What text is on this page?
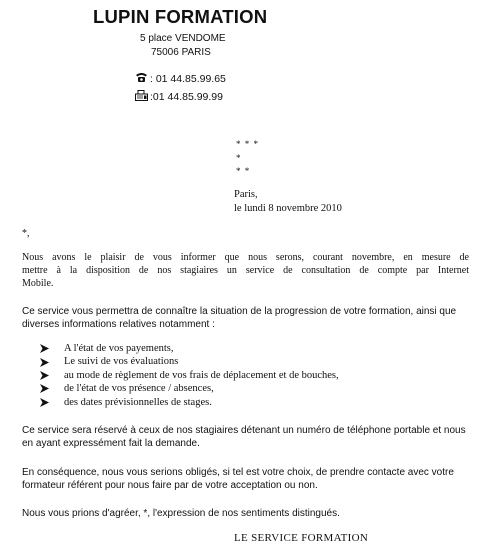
LUPIN FORMATION
5 place VENDOME
75006 PARIS
: 01 44.85.99.65
:01 44.85.99.99
* * *
*
* *
Paris,
le lundi 8 novembre 2010
*,
Nous avons le plaisir de vous informer que nous serons, courant novembre, en mesure de
mettre à la disposition de nos stagiaires un service de consultation de compte par Internet
Mobile.
Ce service vous permettra de connaître la situation de la progression de votre formation, ainsi que diverses informations relatives notamment :
A l'état de vos payements,
Le suivi de vos évaluations
au mode de règlement de vos frais de déplacement et de bouches,
de l'état de vos présence / absences,
des dates prévisionnelles de stages.
Ce service sera réservé à ceux de nos stagiaires détenant un numéro de téléphone portable et nous en ayant expressément fait la demande.
En conséquence, nous vous serions obligés, si tel est votre choix, de prendre contacte avec votre formateur référent pour nous faire par de votre acceptation ou non.
Nous vous prions d'agréer, *, l'expression de nos sentiments distingués.
LE SERVICE FORMATION
